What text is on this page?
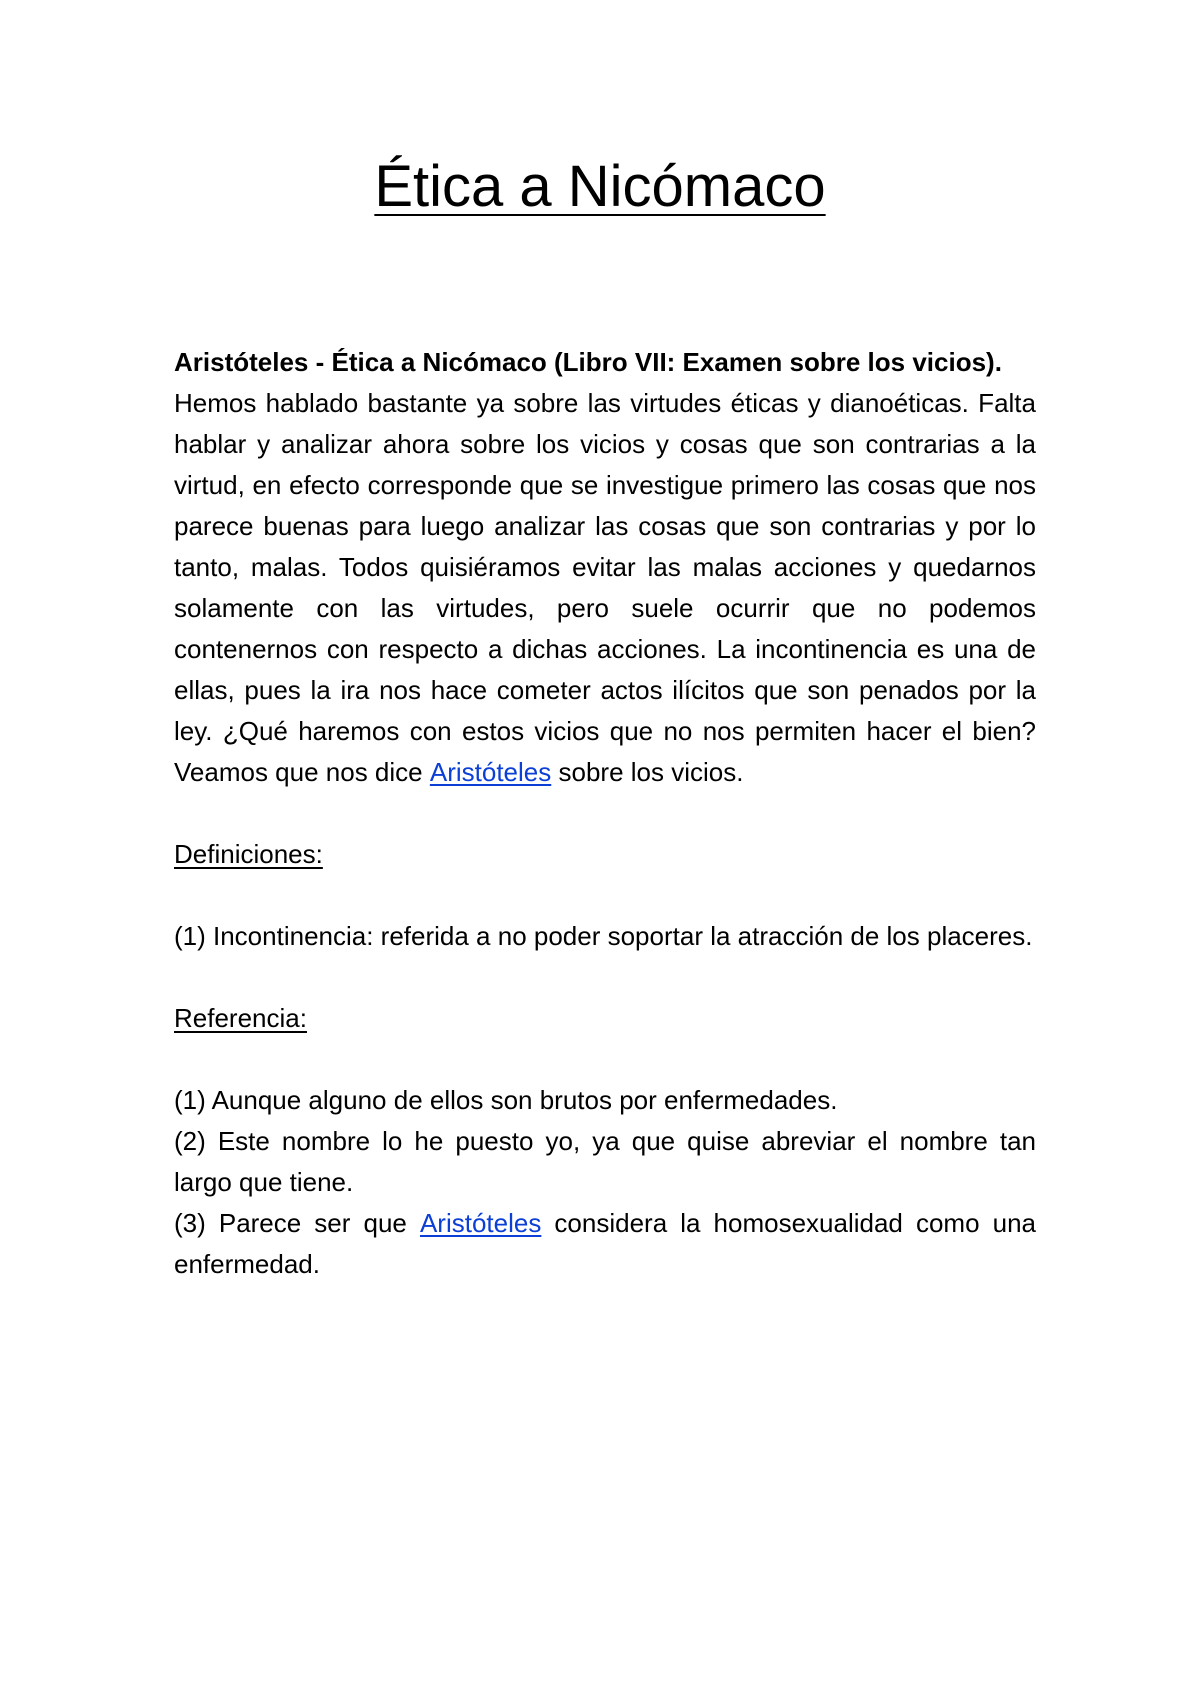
Ética a Nicómaco

Aristóteles - Ética a Nicómaco (Libro VII: Examen sobre los vicios).

Hemos hablado bastante ya sobre las virtudes éticas y dianoéticas. Falta hablar y analizar ahora sobre los vicios y cosas que son contrarias a la virtud, en efecto corresponde que se investigue primero las cosas que nos parece buenas para luego analizar las cosas que son contrarias y por lo tanto, malas. Todos quisiéramos evitar las malas acciones y quedarnos solamente con las virtudes, pero suele ocurrir que no podemos contenernos con respecto a dichas acciones. La incontinencia es una de ellas, pues la ira nos hace cometer actos ilícitos que son penados por la ley. ¿Qué haremos con estos vicios que no nos permiten hacer el bien? Veamos que nos dice Aristóteles sobre los vicios.

Definiciones:

(1) Incontinencia: referida a no poder soportar la atracción de los placeres.

Referencia:

(1) Aunque alguno de ellos son brutos por enfermedades.

(2) Este nombre lo he puesto yo, ya que quise abreviar el nombre tan largo que tiene.

(3) Parece ser que Aristóteles considera la homosexualidad como una enfermedad.
